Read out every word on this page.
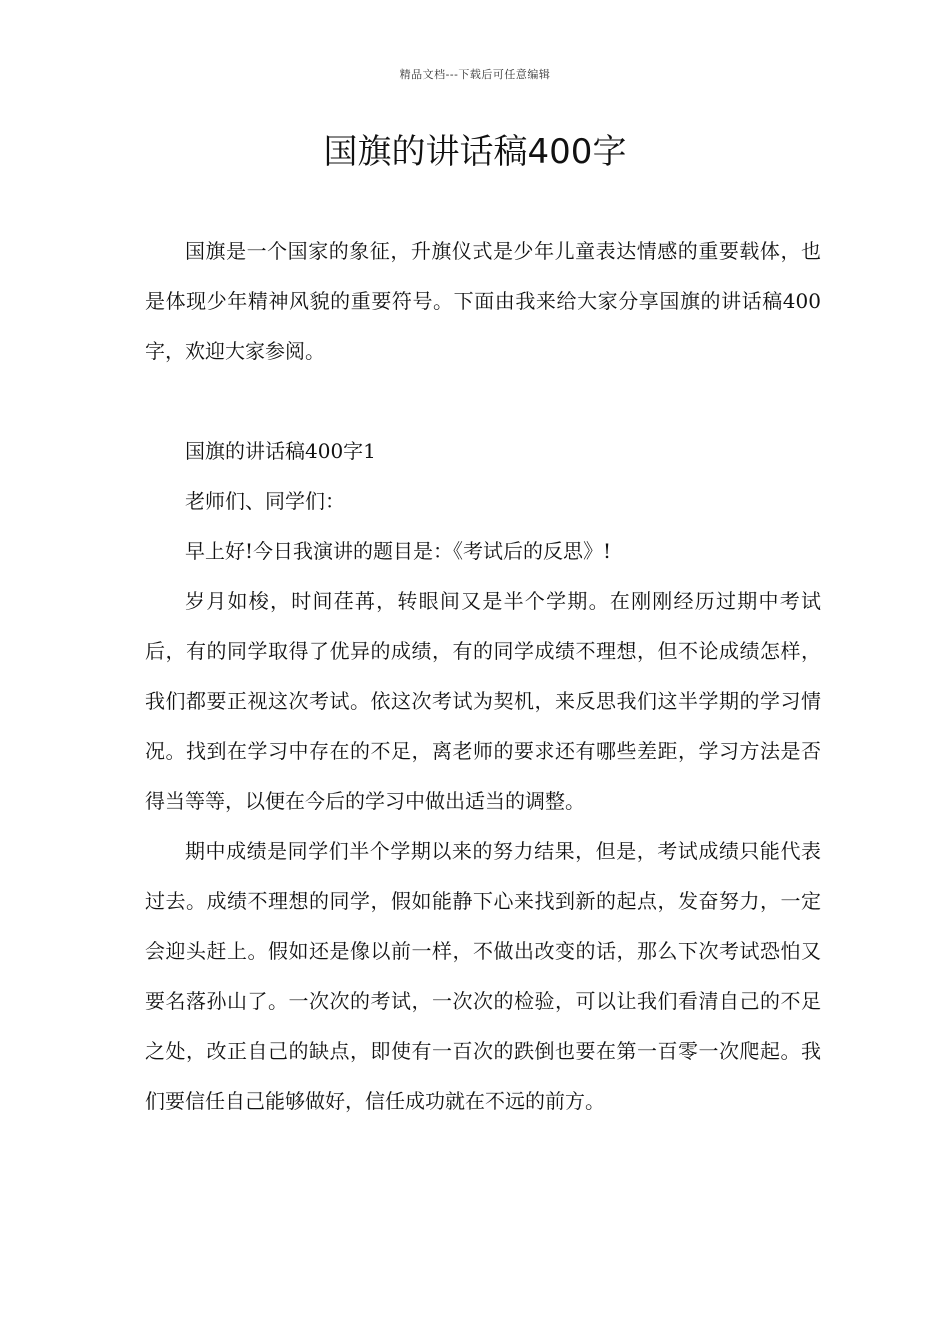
精品文档---下载后可任意编辑
国旗的讲话稿400字

国旗是一个国家的象征，升旗仪式是少年儿童表达情感的重要载体，也是体现少年精神风貌的重要符号。下面由我来给大家分享国旗的讲话稿400字，欢迎大家参阅。

国旗的讲话稿400字1

老师们、同学们：

早上好!今日我演讲的题目是：《考试后的反思》!

岁月如梭，时间荏苒，转眼间又是半个学期。在刚刚经历过期中考试后，有的同学取得了优异的成绩，有的同学成绩不理想，但不论成绩怎样，我们都要正视这次考试。依这次考试为契机，来反思我们这半学期的学习情况。找到在学习中存在的不足，离老师的要求还有哪些差距，学习方法是否得当等等，以便在今后的学习中做出适当的调整。

期中成绩是同学们半个学期以来的努力结果，但是，考试成绩只能代表过去。成绩不理想的同学，假如能静下心来找到新的起点，发奋努力，一定会迎头赶上。假如还是像以前一样，不做出改变的话，那么下次考试恐怕又要名落孙山了。一次次的考试，一次次的检验，可以让我们看清自己的不足之处，改正自己的缺点，即使有一百次的跌倒也要在第一百零一次爬起。我们要信任自己能够做好，信任成功就在不远的前方。
